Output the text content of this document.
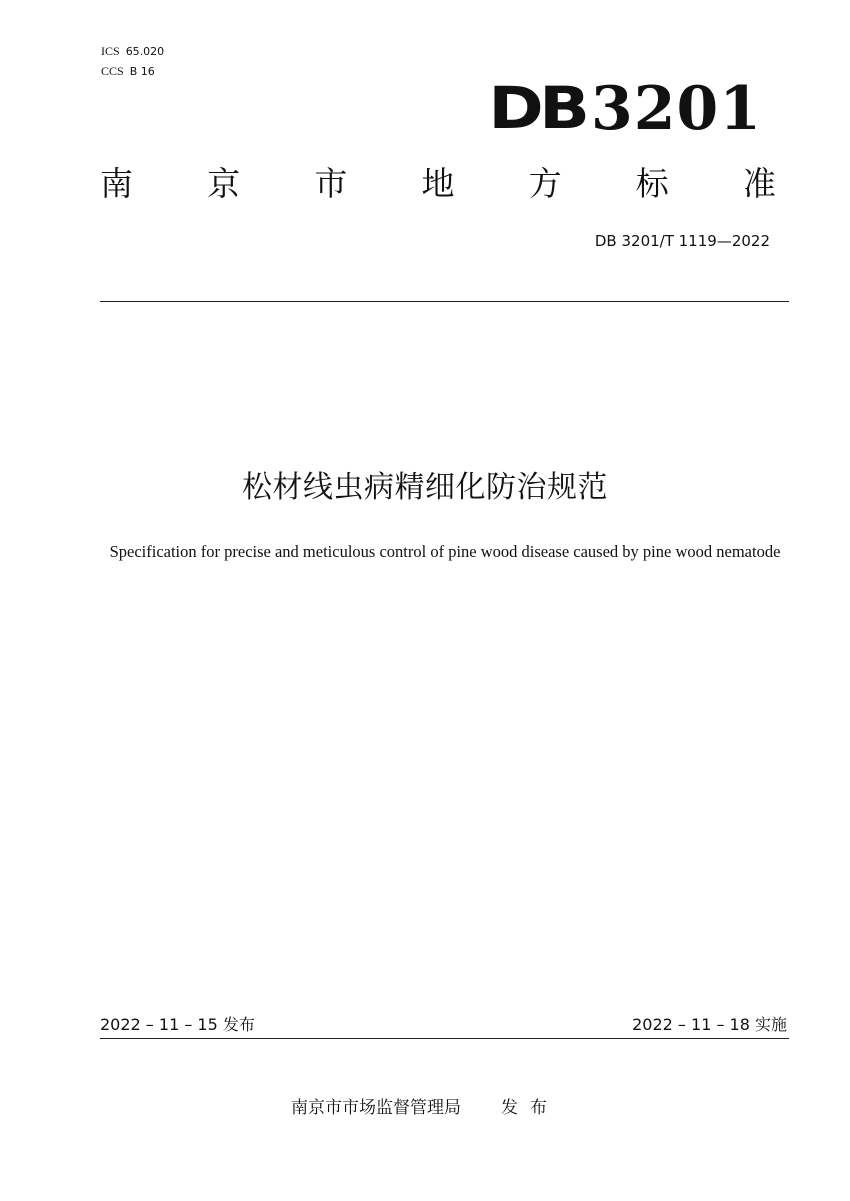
ICS 65.020
CCS B 16
DB 3201
南 京 市 地 方 标 准
DB 3201/T 1119—2022
松材线虫病精细化防治规范
Specification for precise and meticulous control of pine wood disease caused by pine wood nematode
2022 – 11 – 15 发布	2022 – 11 – 18 实施
南京市市场监督管理局 发布
